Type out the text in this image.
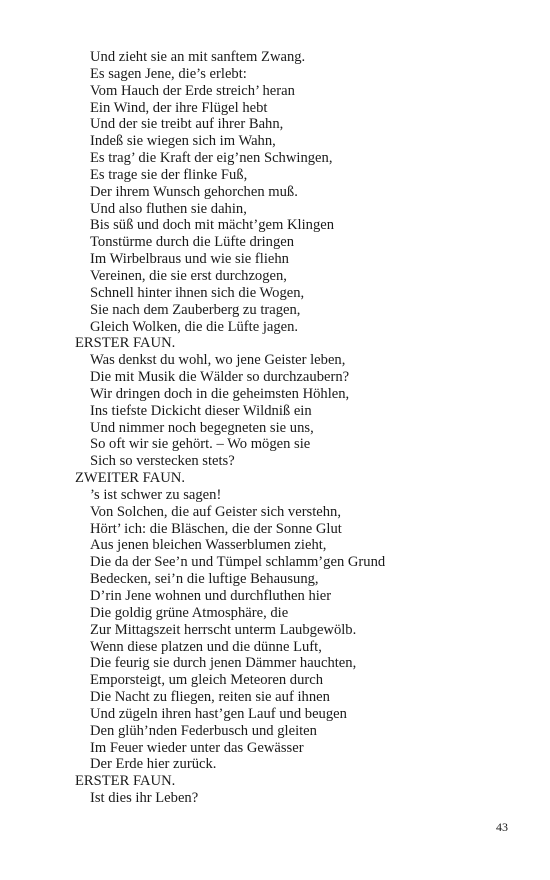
Und zieht sie an mit sanftem Zwang.
Es sagen Jene, die’s erlebt:
Vom Hauch der Erde streich’ heran
Ein Wind, der ihre Flügel hebt
Und der sie treibt auf ihrer Bahn,
Indeß sie wiegen sich im Wahn,
Es trag’ die Kraft der eig’nen Schwingen,
Es trage sie der flinke Fuß,
Der ihrem Wunsch gehorchen muß.
Und also fluthen sie dahin,
Bis süß und doch mit mächt’gem Klingen
Tonstürme durch die Lüfte dringen
Im Wirbelbraus und wie sie fliehn
Vereinen, die sie erst durchzogen,
Schnell hinter ihnen sich die Wogen,
Sie nach dem Zauberberg zu tragen,
Gleich Wolken, die die Lüfte jagen.
ERSTER FAUN.
Was denkst du wohl, wo jene Geister leben,
Die mit Musik die Wälder so durchzaubern?
Wir dringen doch in die geheimsten Höhlen,
Ins tiefste Dickicht dieser Wildniß ein
Und nimmer noch begegneten sie uns,
So oft wir sie gehört. – Wo mögen sie
Sich so verstecken stets?
ZWEITER FAUN.
’s ist schwer zu sagen!
Von Solchen, die auf Geister sich verstehn,
Hört’ ich: die Bläschen, die der Sonne Glut
Aus jenen bleichen Wasserblumen zieht,
Die da der See’n und Tümpel schlamm’gen Grund
Bedecken, sei’n die luftige Behausung,
D’rin Jene wohnen und durchfluthen hier
Die goldig grüne Atmosphäre, die
Zur Mittagszeit herrscht unterm Laubgewölb.
Wenn diese platzen und die dünne Luft,
Die feurig sie durch jenen Dämmer hauchten,
Emporsteigt, um gleich Meteoren durch
Die Nacht zu fliegen, reiten sie auf ihnen
Und zügeln ihren hast’gen Lauf und beugen
Den glüh’nden Federbusch und gleiten
Im Feuer wieder unter das Gewässer
Der Erde hier zurück.
ERSTER FAUN.
Ist dies ihr Leben?
43
